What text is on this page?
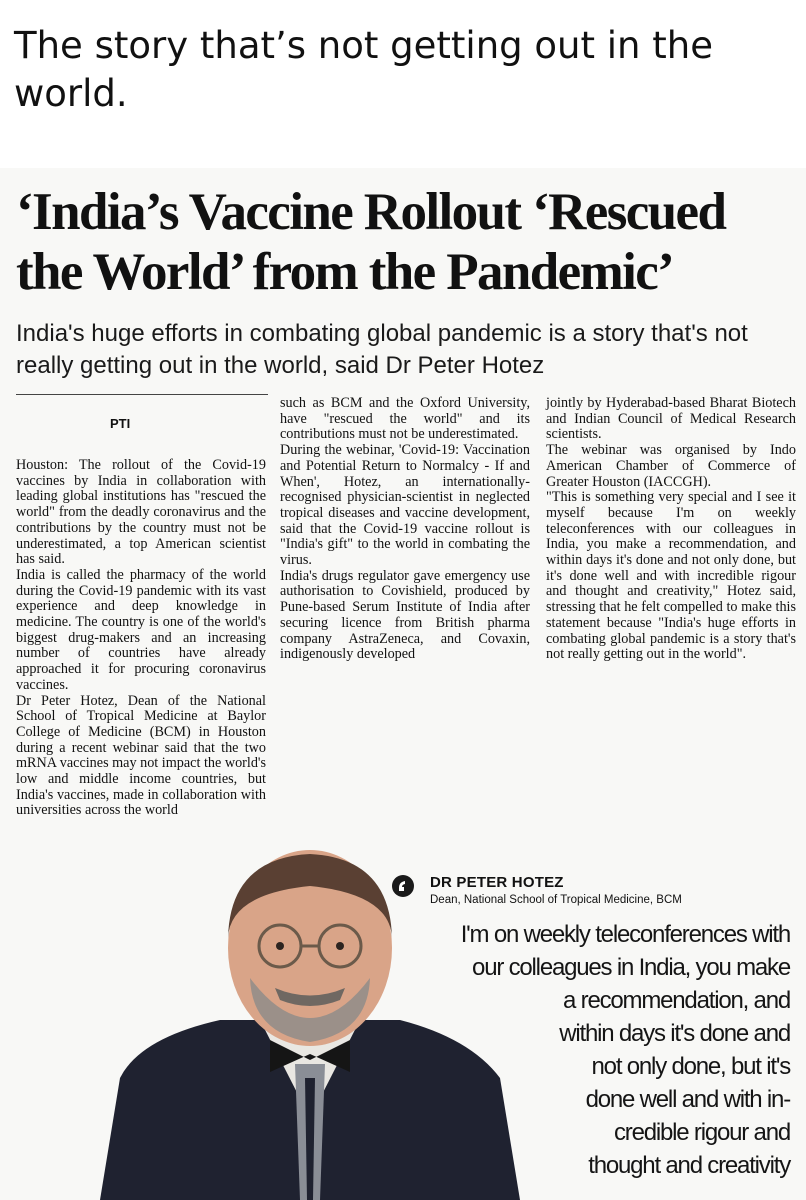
The story that’s not getting out in the world.
‘India’s Vaccine Rollout ‘Rescued the World’ from the Pandemic’

India's huge efforts in combating global pandemic is a story that's not really getting out in the world, said Dr Peter Hotez

PTI

Houston: The rollout of the Covid-19 vaccines by India in collaboration with leading global institutions has "rescued the world" from the deadly coronavirus and the contributions by the country must not be underestimated, a top American scientist has said.
India is called the pharmacy of the world during the Covid-19 pandemic with its vast experience and deep knowledge in medicine. The country is one of the world's biggest drug-makers and an increasing number of countries have already approached it for procuring coronavirus vaccines.
Dr Peter Hotez, Dean of the National School of Tropical Medicine at Baylor College of Medicine (BCM) in Houston during a recent webinar said that the two mRNA vaccines may not impact the world's low and middle income countries, but India's vaccines, made in collaboration with universities across the world

such as BCM and the Oxford University, have "rescued the world" and its contributions must not be underestimated.
During the webinar, 'Covid-19: Vaccination and Potential Return to Normalcy - If and When', Hotez, an internationally-recognised physician-scientist in neglected tropical diseases and vaccine development, said that the Covid-19 vaccine rollout is "India's gift" to the world in combating the virus.
India's drugs regulator gave emergency use authorisation to Covishield, produced by Pune-based Serum Institute of India after securing licence from British pharma company AstraZeneca, and Covaxin, indigenously developed

jointly by Hyderabad-based Bharat Biotech and Indian Council of Medical Research scientists.
The webinar was organised by Indo American Chamber of Commerce of Greater Houston (IACCGH).
"This is something very special and I see it myself because I'm on weekly teleconferences with our colleagues in India, you make a recommendation, and within days it's done and not only done, but it's done well and with incredible rigour and thought and creativity," Hotez said, stressing that he felt compelled to make this statement because "India's huge efforts in combating global pandemic is a story that's not really getting out in the world".

DR PETER HOTEZ
Dean, National School of Tropical Medicine, BCM

I'm on weekly teleconferences with
our colleagues in India, you make
a recommendation, and
within days it's done and
not only done, but it's
done well and with in-
credible rigour and
thought and creativity
